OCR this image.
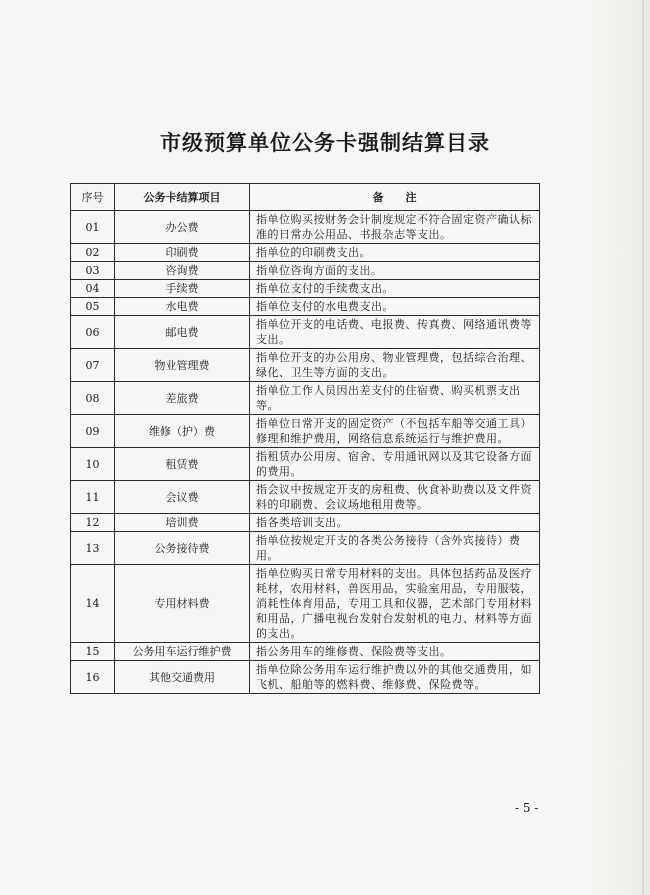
市级预算单位公务卡强制结算目录
序号	公务卡结算项目	备　　注
01	办公费	指单位购买按财务会计制度规定不符合固定资产确认标准的日常办公用品、书报杂志等支出。
02	印刷费	指单位的印刷费支出。
03	咨询费	指单位咨询方面的支出。
04	手续费	指单位支付的手续费支出。
05	水电费	指单位支付的水电费支出。
06	邮电费	指单位开支的电话费、电报费、传真费、网络通讯费等支出。
07	物业管理费	指单位开支的办公用房、物业管理费，包括综合治理、绿化、卫生等方面的支出。
08	差旅费	指单位工作人员因出差支付的住宿费、购买机票支出等。
09	维修（护）费	指单位日常开支的固定资产（不包括车船等交通工具）修理和维护费用，网络信息系统运行与维护费用。
10	租赁费	指租赁办公用房、宿舍、专用通讯网以及其它设备方面的费用。
11	会议费	指会议中按规定开支的房租费、伙食补助费以及文件资料的印刷费、会议场地租用费等。
12	培训费	指各类培训支出。
13	公务接待费	指单位按规定开支的各类公务接待（含外宾接待）费用。
14	专用材料费	指单位购买日常专用材料的支出。具体包括药品及医疗耗材，农用材料，兽医用品，实验室用品，专用服装，消耗性体育用品，专用工具和仪器，艺术部门专用材料和用品，广播电视台发射台发射机的电力、材料等方面的支出。
15	公务用车运行维护费	指公务用车的维修费、保险费等支出。
16	其他交通费用	指单位除公务用车运行维护费以外的其他交通费用，如飞机、船舶等的燃料费、维修费、保险费等。
- 5 -
